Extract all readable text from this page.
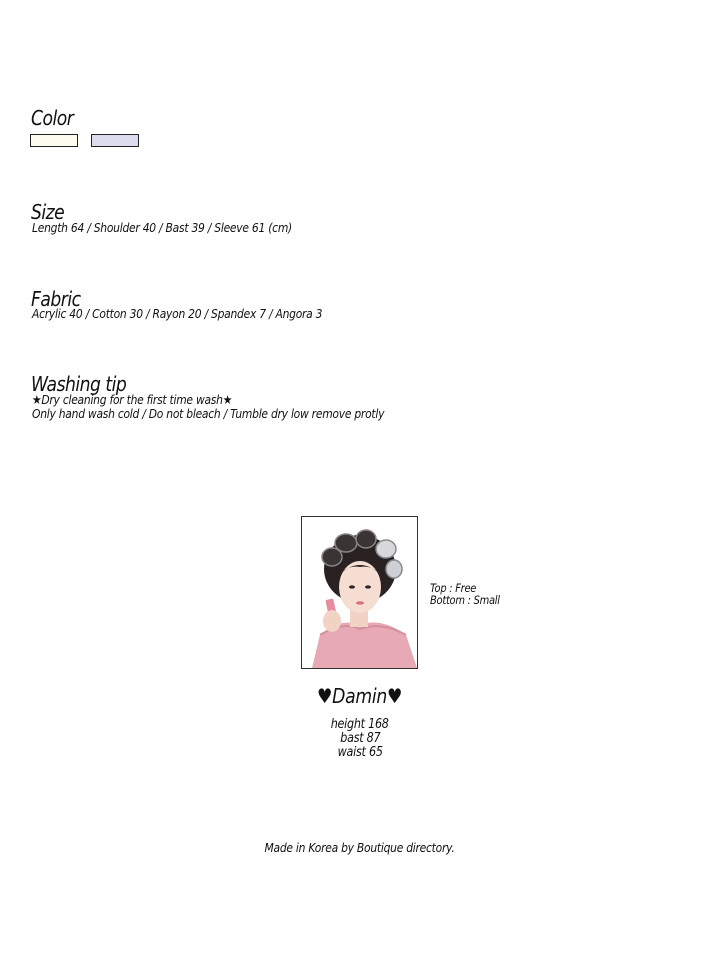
Color
Size
Length 64 / Shoulder 40 / Bast 39 / Sleeve 61 (cm)
Fabric
Acrylic 40 / Cotton 30 / Rayon 20 / Spandex 7 / Angora 3
Washing tip
★Dry cleaning for the first time wash★
Only hand wash cold / Do not bleach / Tumble dry low remove protly
Top : Free
Bottom : Small
♥Damin♥
height 168
bast 87
waist 65
Made in Korea by Boutique directory.
